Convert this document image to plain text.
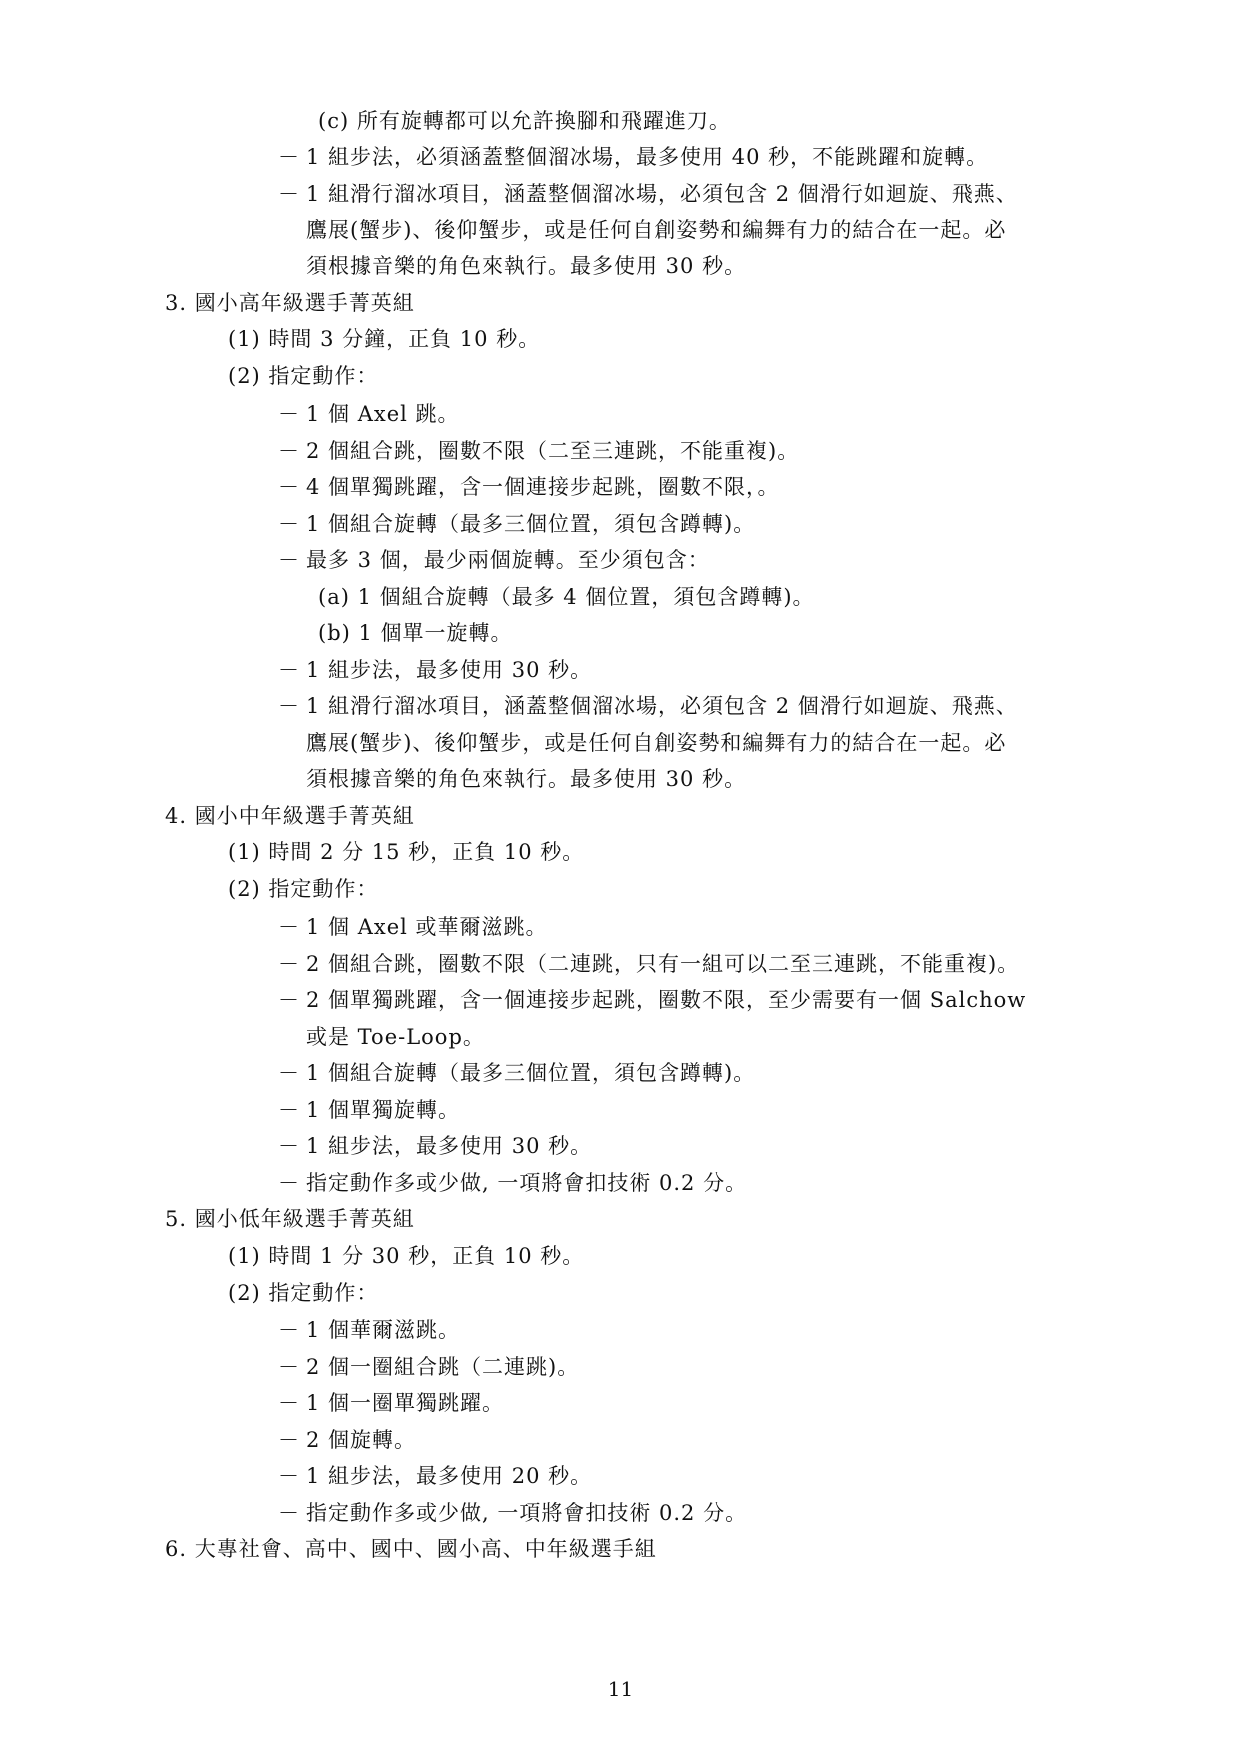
(c) 所有旋轉都可以允許換腳和飛躍進刀。
－ 1 組步法，必須涵蓋整個溜冰場，最多使用 40 秒，不能跳躍和旋轉。
－ 1 組滑行溜冰項目，涵蓋整個溜冰場，必須包含 2 個滑行如迴旋、飛燕、
鷹展(蟹步)、後仰蟹步，或是任何自創姿勢和編舞有力的結合在一起。必
須根據音樂的角色來執行。最多使用 30 秒。
3. 國小高年級選手菁英組
(1) 時間 3 分鐘，正負 10 秒。
(2) 指定動作：
－ 1 個 Axel 跳。
－ 2 個組合跳，圈數不限（二至三連跳，不能重複)。
－ 4 個單獨跳躍，含一個連接步起跳，圈數不限，。
－ 1 個組合旋轉（最多三個位置，須包含蹲轉)。
－ 最多 3 個，最少兩個旋轉。至少須包含：
(a) 1 個組合旋轉（最多 4 個位置，須包含蹲轉)。
(b) 1 個單一旋轉。
－ 1 組步法，最多使用 30 秒。
－ 1 組滑行溜冰項目，涵蓋整個溜冰場，必須包含 2 個滑行如迴旋、飛燕、
鷹展(蟹步)、後仰蟹步，或是任何自創姿勢和編舞有力的結合在一起。必
須根據音樂的角色來執行。最多使用 30 秒。
4. 國小中年級選手菁英組
(1) 時間 2 分 15 秒，正負 10 秒。
(2) 指定動作：
－ 1 個 Axel 或華爾滋跳。
－ 2 個組合跳，圈數不限（二連跳，只有一組可以二至三連跳，不能重複)。
－ 2 個單獨跳躍，含一個連接步起跳，圈數不限，至少需要有一個 Salchow
或是 Toe-Loop。
－ 1 個組合旋轉（最多三個位置，須包含蹲轉)。
－ 1 個單獨旋轉。
－ 1 組步法，最多使用 30 秒。
－ 指定動作多或少做, 一項將會扣技術 0.2 分。
5. 國小低年級選手菁英組
(1) 時間 1 分 30 秒，正負 10 秒。
(2) 指定動作：
－ 1 個華爾滋跳。
－ 2 個一圈組合跳（二連跳)。
－ 1 個一圈單獨跳躍。
－ 2 個旋轉。
－ 1 組步法，最多使用 20 秒。
－ 指定動作多或少做, 一項將會扣技術 0.2 分。
6. 大專社會、高中、國中、國小高、中年級選手組
11
